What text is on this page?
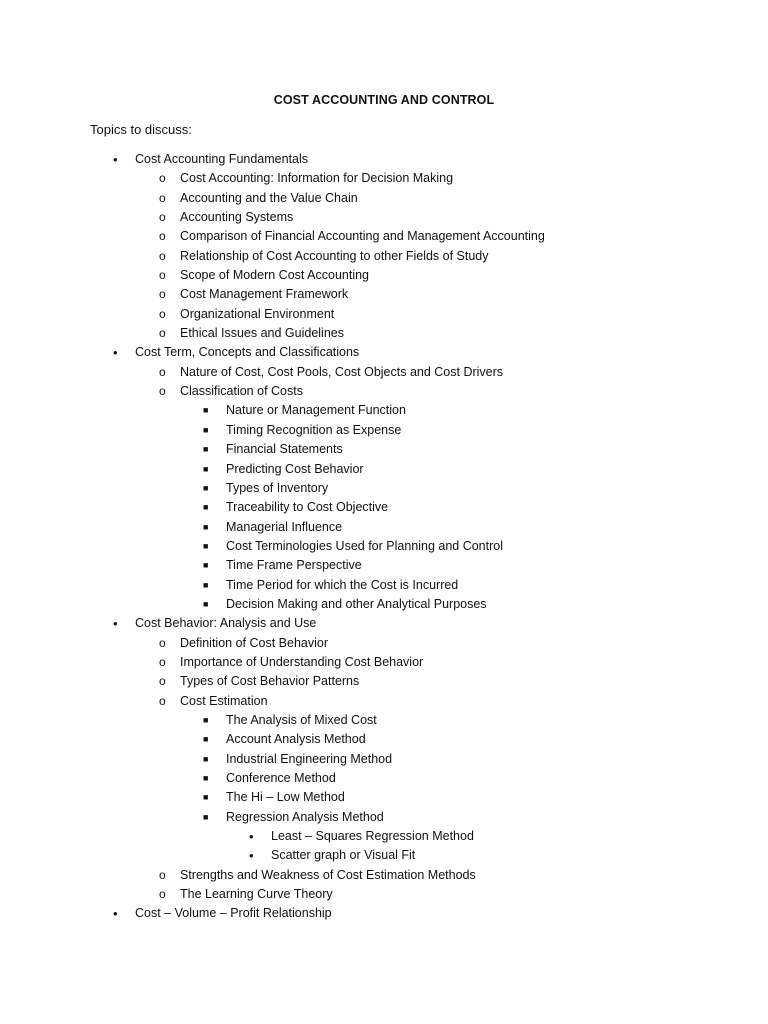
COST ACCOUNTING AND CONTROL
Topics to discuss:
• Cost Accounting Fundamentals
o Cost Accounting: Information for Decision Making
o Accounting and the Value Chain
o Accounting Systems
o Comparison of Financial Accounting and Management Accounting
o Relationship of Cost Accounting to other Fields of Study
o Scope of Modern Cost Accounting
o Cost Management Framework
o Organizational Environment
o Ethical Issues and Guidelines
• Cost Term, Concepts and Classifications
o Nature of Cost, Cost Pools, Cost Objects and Cost Drivers
o Classification of Costs
■ Nature or Management Function
■ Timing Recognition as Expense
■ Financial Statements
■ Predicting Cost Behavior
■ Types of Inventory
■ Traceability to Cost Objective
■ Managerial Influence
■ Cost Terminologies Used for Planning and Control
■ Time Frame Perspective
■ Time Period for which the Cost is Incurred
■ Decision Making and other Analytical Purposes
• Cost Behavior: Analysis and Use
o Definition of Cost Behavior
o Importance of Understanding Cost Behavior
o Types of Cost Behavior Patterns
o Cost Estimation
■ The Analysis of Mixed Cost
■ Account Analysis Method
■ Industrial Engineering Method
■ Conference Method
■ The Hi – Low Method
■ Regression Analysis Method
• Least – Squares Regression Method
• Scatter graph or Visual Fit
o Strengths and Weakness of Cost Estimation Methods
o The Learning Curve Theory
• Cost – Volume – Profit Relationship
